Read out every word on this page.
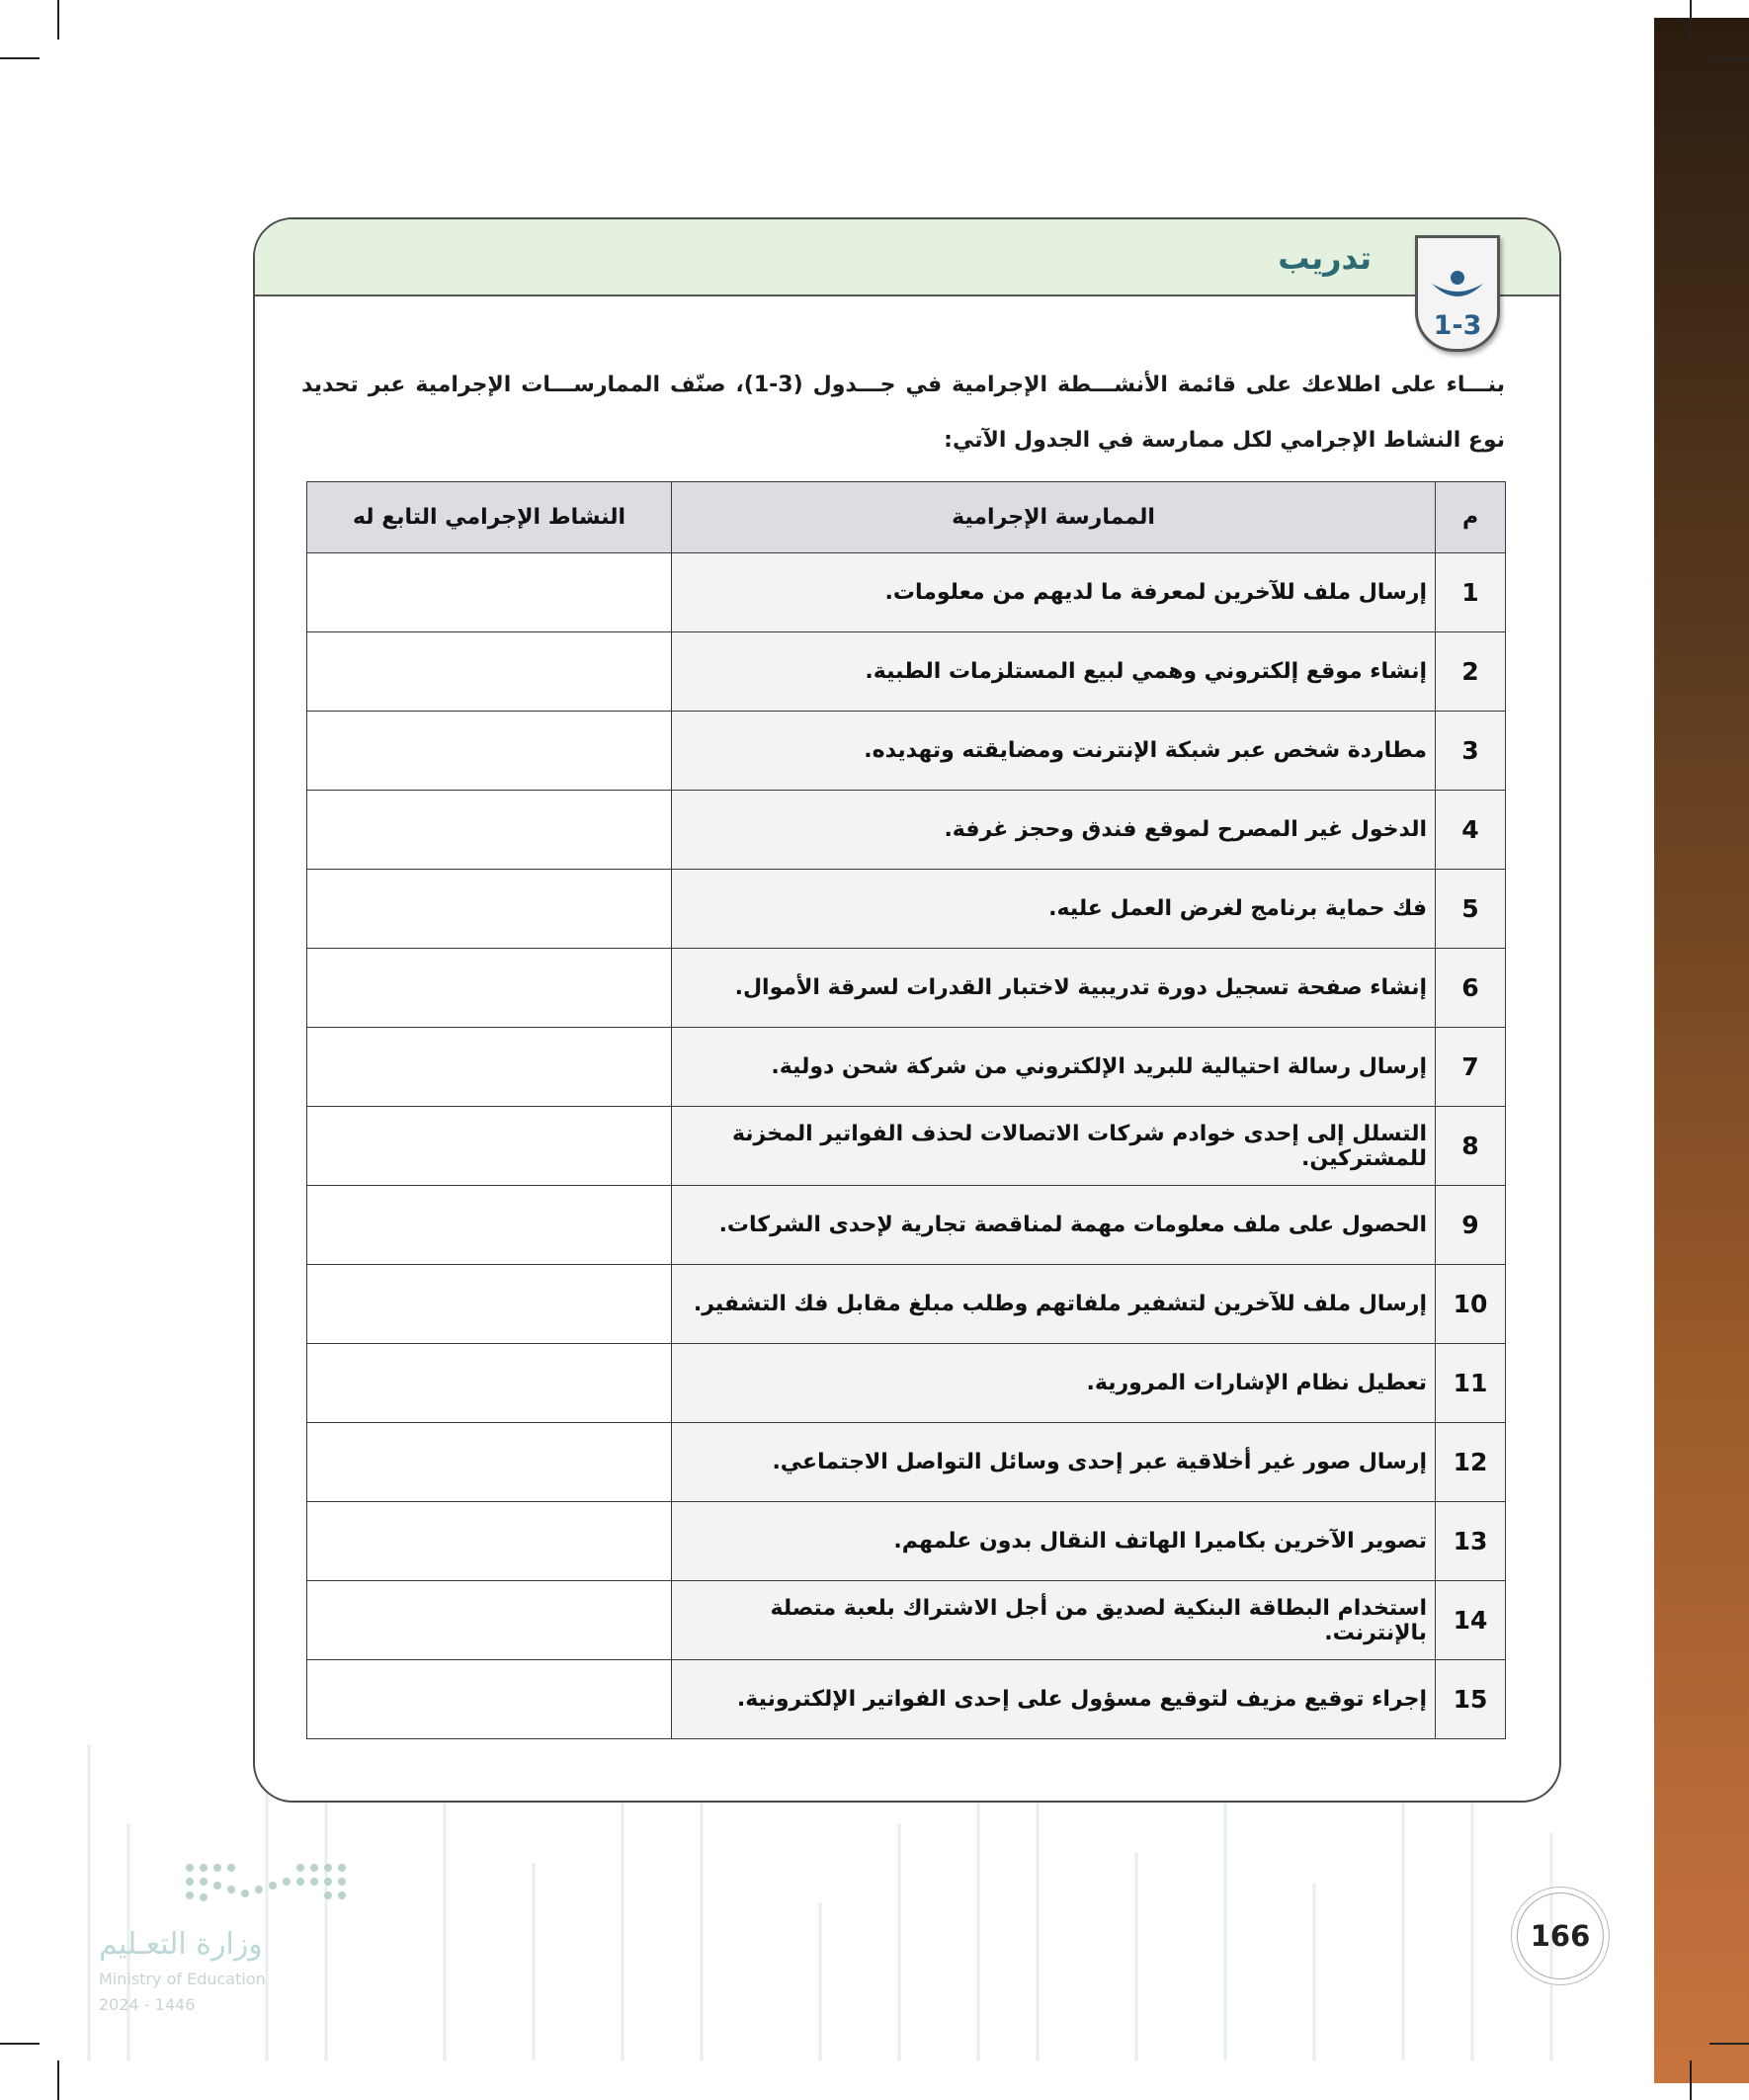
تدريب
1-3
بنـــاء على اطلاعك على قائمة الأنشـــطة الإجرامية في جـــدول (3-1)، صنّف الممارســـات الإجرامية عبر تحديد نوع النشاط الإجرامي لكل ممارسة في الجدول الآتي:
م	الممارسة الإجرامية	النشاط الإجرامي التابع له
1	إرسال ملف للآخرين لمعرفة ما لديهم من معلومات.	
2	إنشاء موقع إلكتروني وهمي لبيع المستلزمات الطبية.	
3	مطاردة شخص عبر شبكة الإنترنت ومضايقته وتهديده.	
4	الدخول غير المصرح لموقع فندق وحجز غرفة.	
5	فك حماية برنامج لغرض العمل عليه.	
6	إنشاء صفحة تسجيل دورة تدريبية لاختبار القدرات لسرقة الأموال.	
7	إرسال رسالة احتيالية للبريد الإلكتروني من شركة شحن دولية.	
8	التسلل إلى إحدى خوادم شركات الاتصالات لحذف الفواتير المخزنة للمشتركين.	
9	الحصول على ملف معلومات مهمة لمناقصة تجارية لإحدى الشركات.	
10	إرسال ملف للآخرين لتشفير ملفاتهم وطلب مبلغ مقابل فك التشفير.	
11	تعطيل نظام الإشارات المرورية.	
12	إرسال صور غير أخلاقية عبر إحدى وسائل التواصل الاجتماعي.	
13	تصوير الآخرين بكاميرا الهاتف النقال بدون علمهم.	
14	استخدام البطاقة البنكية لصديق من أجل الاشتراك بلعبة متصلة بالإنترنت.	
15	إجراء توقيع مزيف لتوقيع مسؤول على إحدى الفواتير الإلكترونية.	
وزارة التعـليم
Ministry of Education
2024 - 1446
166
